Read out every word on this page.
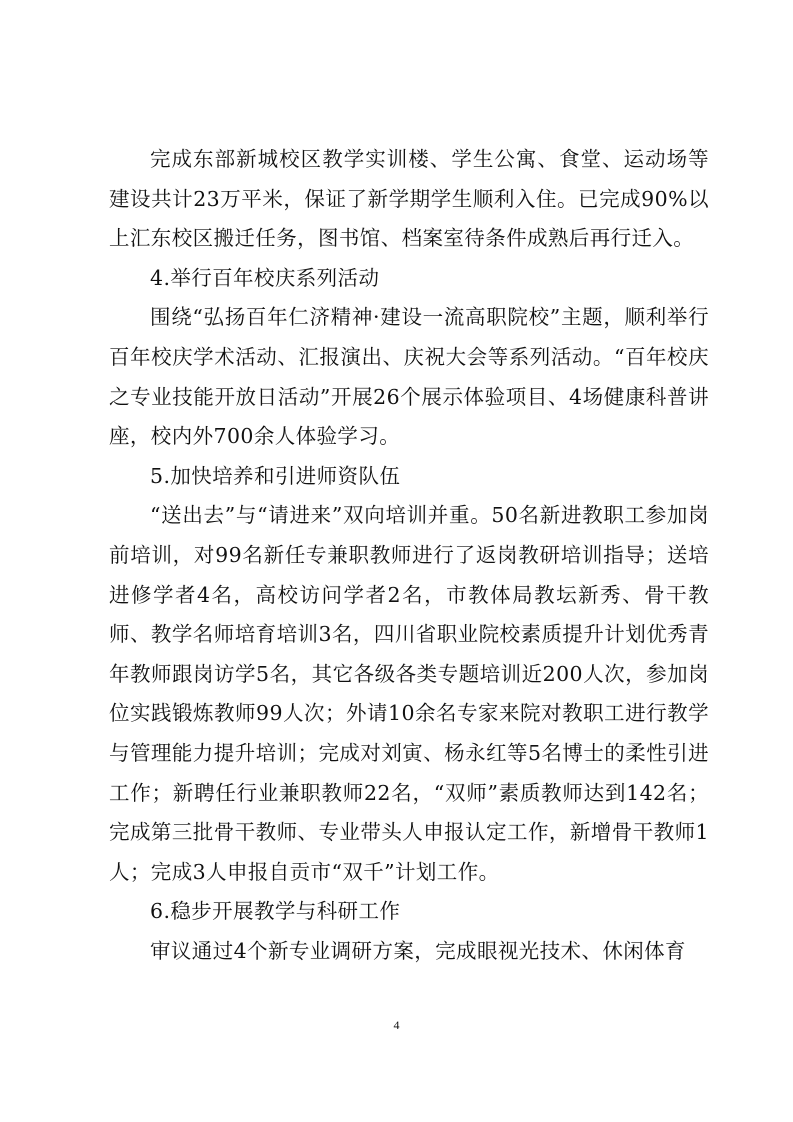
完成东部新城校区教学实训楼、学生公寓、食堂、运动场等建设共计23万平米，保证了新学期学生顺利入住。已完成90%以上汇东校区搬迁任务，图书馆、档案室待条件成熟后再行迁入。

4.举行百年校庆系列活动

围绕“弘扬百年仁济精神·建设一流高职院校”主题，顺利举行百年校庆学术活动、汇报演出、庆祝大会等系列活动。“百年校庆之专业技能开放日活动”开展26个展示体验项目、4场健康科普讲座，校内外700余人体验学习。

5.加快培养和引进师资队伍

“送出去”与“请进来”双向培训并重。50名新进教职工参加岗前培训，对99名新任专兼职教师进行了返岗教研培训指导；送培进修学者4名，高校访问学者2名，市教体局教坛新秀、骨干教师、教学名师培育培训3名，四川省职业院校素质提升计划优秀青年教师跟岗访学5名，其它各级各类专题培训近200人次，参加岗位实践锻炼教师99人次；外请10余名专家来院对教职工进行教学与管理能力提升培训；完成对刘寅、杨永红等5名博士的柔性引进工作；新聘任行业兼职教师22名，“双师”素质教师达到142名；完成第三批骨干教师、专业带头人申报认定工作，新增骨干教师1人；完成3人申报自贡市“双千”计划工作。

6.稳步开展教学与科研工作

审议通过4个新专业调研方案，完成眼视光技术、休闲体育

4
